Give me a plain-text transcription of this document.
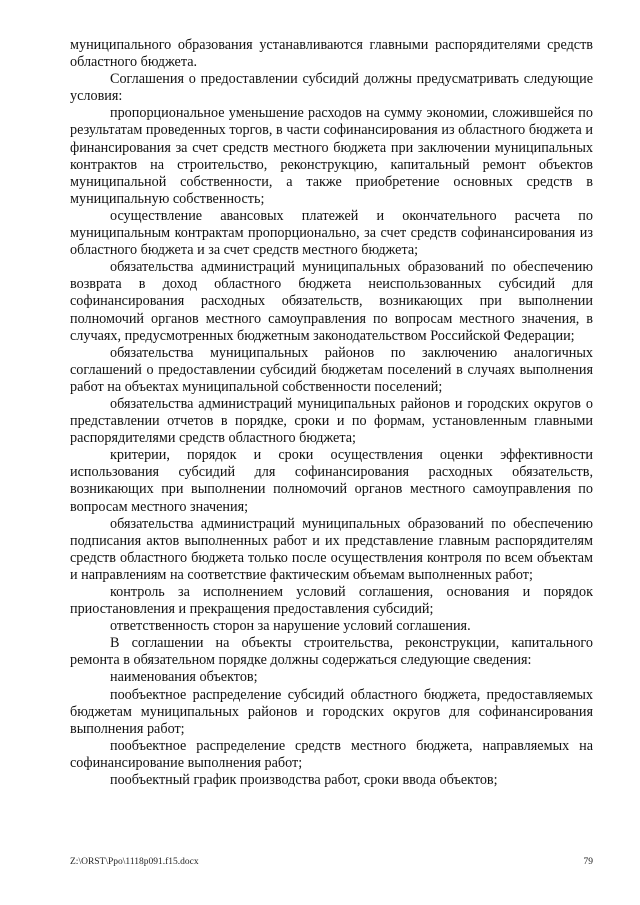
муниципального образования устанавливаются главными распорядителями средств областного бюджета.

Соглашения о предоставлении субсидий должны предусматривать следующие условия:

пропорциональное уменьшение расходов на сумму экономии, сложившейся по результатам проведенных торгов, в части софинансирования из областного бюджета и финансирования за счет средств местного бюджета при заключении муниципальных контрактов на строительство, реконструкцию, капитальный ремонт объектов муниципальной собственности, а также приобретение основных средств в муниципальную собственность;

осуществление авансовых платежей и окончательного расчета по муниципальным контрактам пропорционально, за счет средств софинансирования из областного бюджета и за счет средств местного бюджета;

обязательства администраций муниципальных образований по обеспечению возврата в доход областного бюджета неиспользованных субсидий для софинансирования расходных обязательств, возникающих при выполнении полномочий органов местного самоуправления по вопросам местного значения, в случаях, предусмотренных бюджетным законодательством Российской Федерации;

обязательства муниципальных районов по заключению аналогичных соглашений о предоставлении субсидий бюджетам поселений в случаях выполнения работ на объектах муниципальной собственности поселений;

обязательства администраций муниципальных районов и городских округов о представлении отчетов в порядке, сроки и по формам, установленным главными распорядителями средств областного бюджета;

критерии, порядок и сроки осуществления оценки эффективности использования субсидий для софинансирования расходных обязательств, возникающих при выполнении полномочий органов местного самоуправления по вопросам местного значения;

обязательства администраций муниципальных образований по обеспечению подписания актов выполненных работ и их представление главным распорядителям средств областного бюджета только после осуществления контроля по всем объектам и направлениям на соответствие фактическим объемам выполненных работ;

контроль за исполнением условий соглашения, основания и порядок приостановления и прекращения предоставления субсидий;

ответственность сторон за нарушение условий соглашения.

В соглашении на объекты строительства, реконструкции, капитального ремонта в обязательном порядке должны содержаться следующие сведения:

наименования объектов;

пообъектное распределение субсидий областного бюджета, предоставляемых бюджетам муниципальных районов и городских округов для софинансирования выполнения работ;

пообъектное распределение средств местного бюджета, направляемых на софинансирование выполнения работ;

пообъектный график производства работ, сроки ввода объектов;

Z:\ORST\Ppo\1118p091.f15.docx	79
